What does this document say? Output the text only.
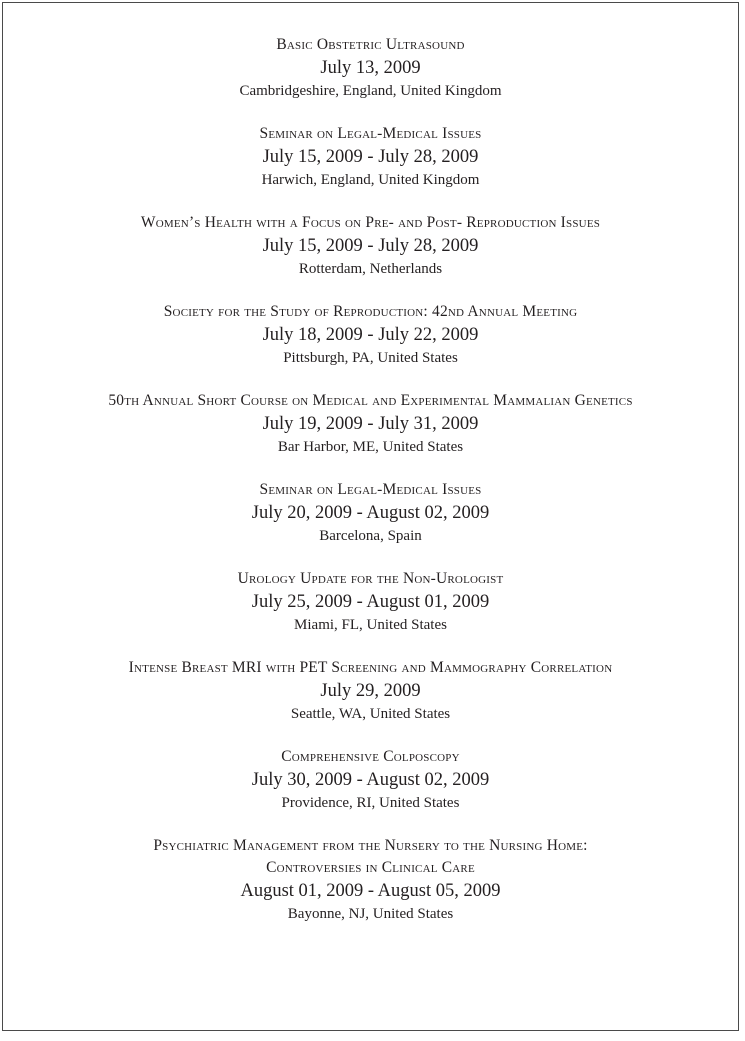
Basic Obstetric Ultrasound
July 13, 2009
Cambridgeshire, England, United Kingdom
Seminar on Legal-Medical Issues
July 15, 2009 - July 28, 2009
Harwich, England, United Kingdom
Women’s Health with a Focus on Pre- and Post- Reproduction Issues
July 15, 2009 - July 28, 2009
Rotterdam, Netherlands
Society for the Study of Reproduction: 42nd Annual Meeting
July 18, 2009 - July 22, 2009
Pittsburgh, PA, United States
50th Annual Short Course on Medical and Experimental Mammalian Genetics
July 19, 2009 - July 31, 2009
Bar Harbor, ME, United States
Seminar on Legal-Medical Issues
July 20, 2009 - August 02, 2009
Barcelona, Spain
Urology Update for the Non-Urologist
July 25, 2009 - August 01, 2009
Miami, FL, United States
Intense Breast MRI with PET Screening and Mammography Correlation
July 29, 2009
Seattle, WA, United States
Comprehensive Colposcopy
July 30, 2009 - August 02, 2009
Providence, RI, United States
Psychiatric Management from the Nursery to the Nursing Home:
Controversies in Clinical Care
August 01, 2009 - August 05, 2009
Bayonne, NJ, United States
